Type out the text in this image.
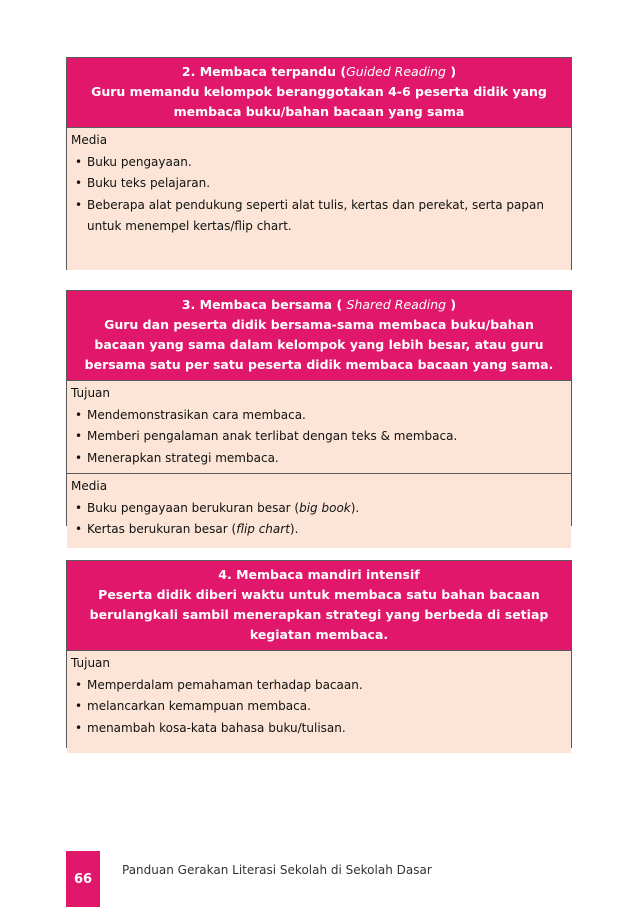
2. Membaca terpandu (Guided Reading )
Guru memandu kelompok beranggotakan 4-6 peserta didik yang membaca buku/bahan bacaan yang sama
Media
• Buku pengayaan.
• Buku teks pelajaran.
• Beberapa alat pendukung seperti alat tulis, kertas dan perekat, serta papan untuk menempel kertas/flip chart.
3. Membaca bersama ( Shared Reading )
Guru dan peserta didik bersama-sama membaca buku/bahan bacaan yang sama dalam kelompok yang lebih besar, atau guru bersama satu per satu peserta didik membaca bacaan yang sama.
Tujuan
• Mendemonstrasikan cara membaca.
• Memberi pengalaman anak terlibat dengan teks & membaca.
• Menerapkan strategi membaca.
Media
• Buku pengayaan berukuran besar (big book).
• Kertas berukuran besar (flip chart).
4. Membaca mandiri intensif
Peserta didik diberi waktu untuk membaca satu bahan bacaan berulangkali sambil menerapkan strategi yang berbeda di setiap kegiatan membaca.
Tujuan
• Memperdalam pemahaman terhadap bacaan.
• melancarkan kemampuan membaca.
• menambah kosa-kata bahasa buku/tulisan.
66
Panduan Gerakan Literasi Sekolah di Sekolah Dasar
